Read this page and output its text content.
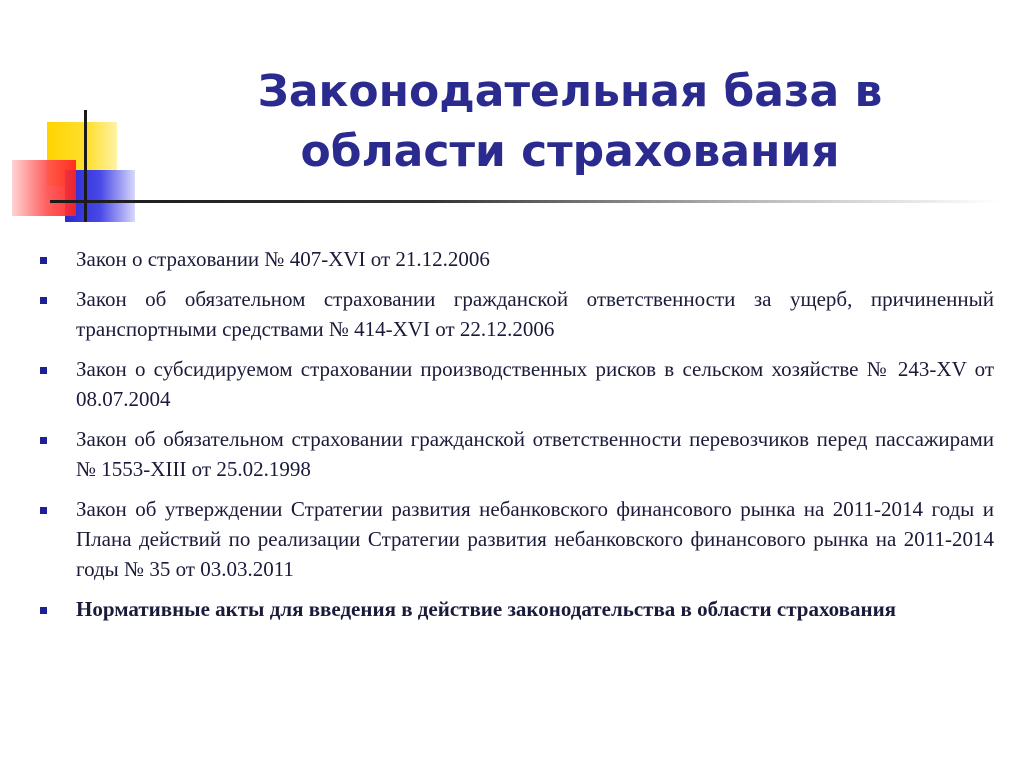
Законодательная база в
области страхования
Закон о страховании № 407-XVI от 21.12.2006
Закон об обязательном страховании гражданской ответственности за ущерб, причиненный транспортными средствами № 414-XVI от 22.12.2006
Закон о субсидируемом страховании производственных рисков в сельском хозяйстве № 243-XV от 08.07.2004
Закон об обязательном страховании гражданской ответственности перевозчиков перед пассажирами № 1553-XIII от 25.02.1998
Закон об утверждении Стратегии развития небанковского финансового рынка на 2011-2014 годы и Плана действий по реализации Стратегии развития небанковского финансового рынка на 2011-2014 годы № 35 от 03.03.2011
Нормативные акты для введения в действие законодательства в области страхования
